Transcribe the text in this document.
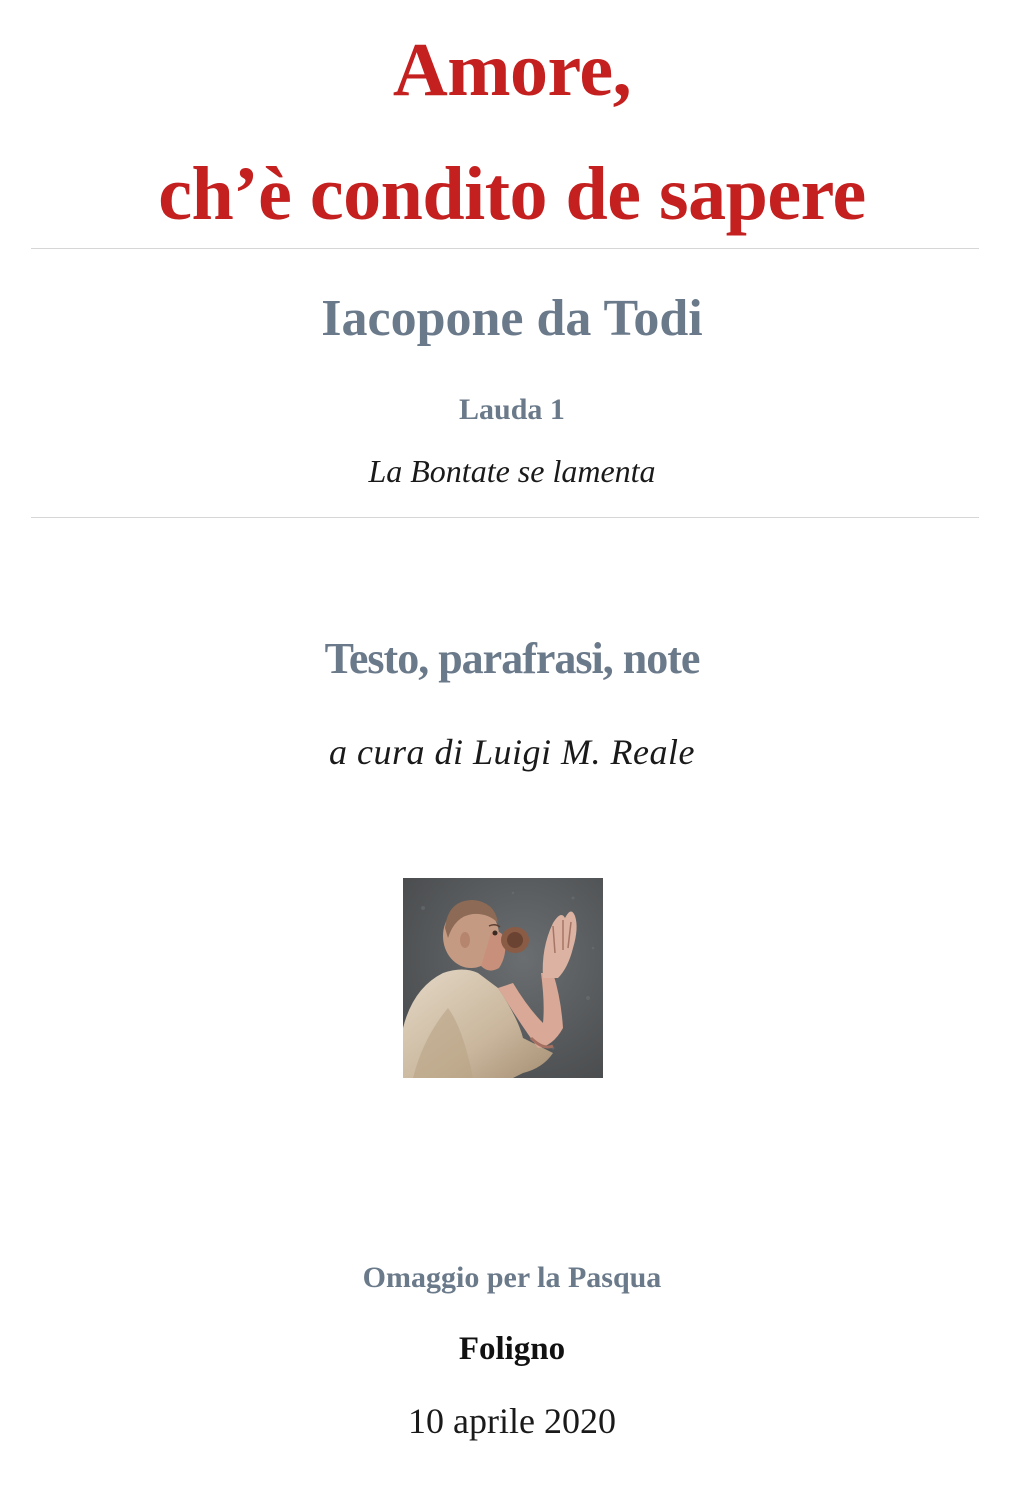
Amore,
ch’è condito de sapere
Iacopone da Todi
Lauda 1
La Bontate se lamenta
Testo, parafrasi, note
a cura di Luigi M. Reale
Omaggio per la Pasqua
Foligno
10 aprile 2020
